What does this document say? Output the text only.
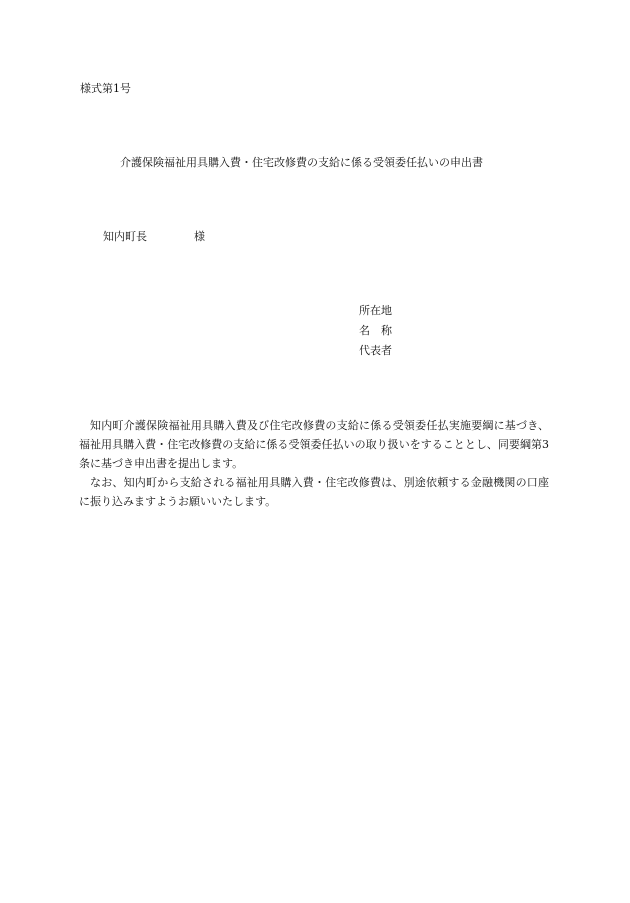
様式第1号
介護保険福祉用具購入費・住宅改修費の支給に係る受領委任払いの申出書
知内町長	様
所在地
名　称
代表者

知内町介護保険福祉用具購入費及び住宅改修費の支給に係る受領委任払実施要綱に基づき、福祉用具購入費・住宅改修費の支給に係る受領委任払いの取り扱いをすることとし、同要綱第3条に基づき申出書を提出します。

なお、知内町から支給される福祉用具購入費・住宅改修費は、別途依頼する金融機関の口座に振り込みますようお願いいたします。
